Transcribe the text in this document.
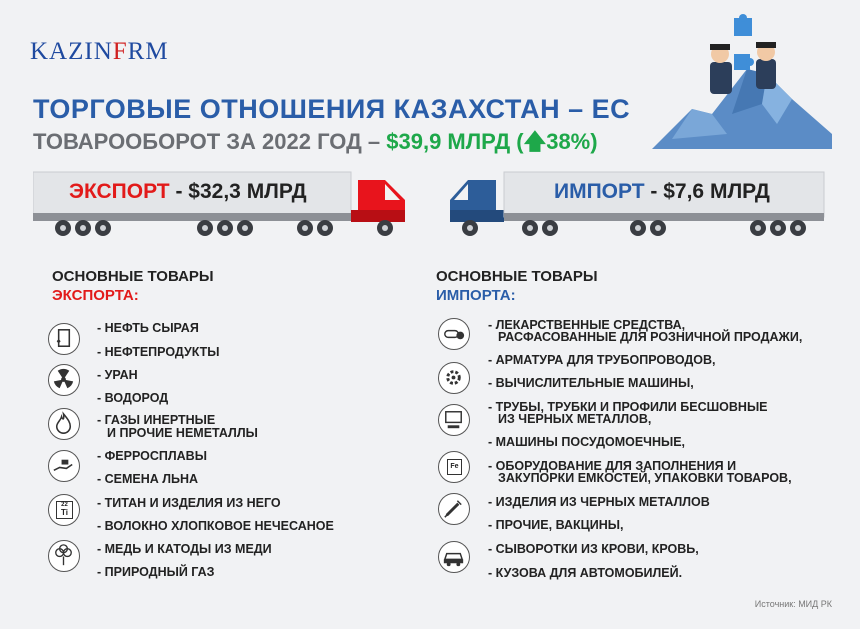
KAZINFRM
ТОРГОВЫЕ ОТНОШЕНИЯ КАЗАХСТАН – ЕС
ТОВАРООБОРОТ ЗА 2022 ГОД – $39,9 МЛРД (🡅38%)
ЭКСПОРТ - $32,3 МЛРД	ИМПОРТ - $7,6 МЛРД
ОСНОВНЫЕ ТОВАРЫ
ЭКСПОРТА:
22
Ti
- НЕФТЬ СЫРАЯ
- НЕФТЕПРОДУКТЫ
- УРАН
- ВОДОРОД
- ГАЗЫ ИНЕРТНЫЕ
И ПРОЧИЕ НЕМЕТАЛЛЫ
- ФЕРРОСПЛАВЫ
- СЕМЕНА ЛЬНА
- ТИТАН И ИЗДЕЛИЯ ИЗ НЕГО
- ВОЛОКНО ХЛОПКОВОЕ НЕЧЕСАНОЕ
- МЕДЬ И КАТОДЫ ИЗ МЕДИ
- ПРИРОДНЫЙ ГАЗ
ОСНОВНЫЕ ТОВАРЫ
ИМПОРТА:
Fe
- ЛЕКАРСТВЕННЫЕ СРЕДСТВА,
РАСФАСОВАННЫЕ ДЛЯ РОЗНИЧНОЙ ПРОДАЖИ,
- АРМАТУРА ДЛЯ ТРУБОПРОВОДОВ,
- ВЫЧИСЛИТЕЛЬНЫЕ МАШИНЫ,
- ТРУБЫ, ТРУБКИ И ПРОФИЛИ БЕСШОВНЫЕ
ИЗ ЧЕРНЫХ МЕТАЛЛОВ,
- МАШИНЫ ПОСУДОМОЕЧНЫЕ,
- ОБОРУДОВАНИЕ ДЛЯ ЗАПОЛНЕНИЯ И
ЗАКУПОРКИ ЕМКОСТЕЙ, УПАКОВКИ ТОВАРОВ,
- ИЗДЕЛИЯ ИЗ ЧЕРНЫХ МЕТАЛЛОВ
- ПРОЧИЕ, ВАКЦИНЫ,
- СЫВОРОТКИ ИЗ КРОВИ, КРОВЬ,
- КУЗОВА ДЛЯ АВТОМОБИЛЕЙ.
Источник: МИД РК
